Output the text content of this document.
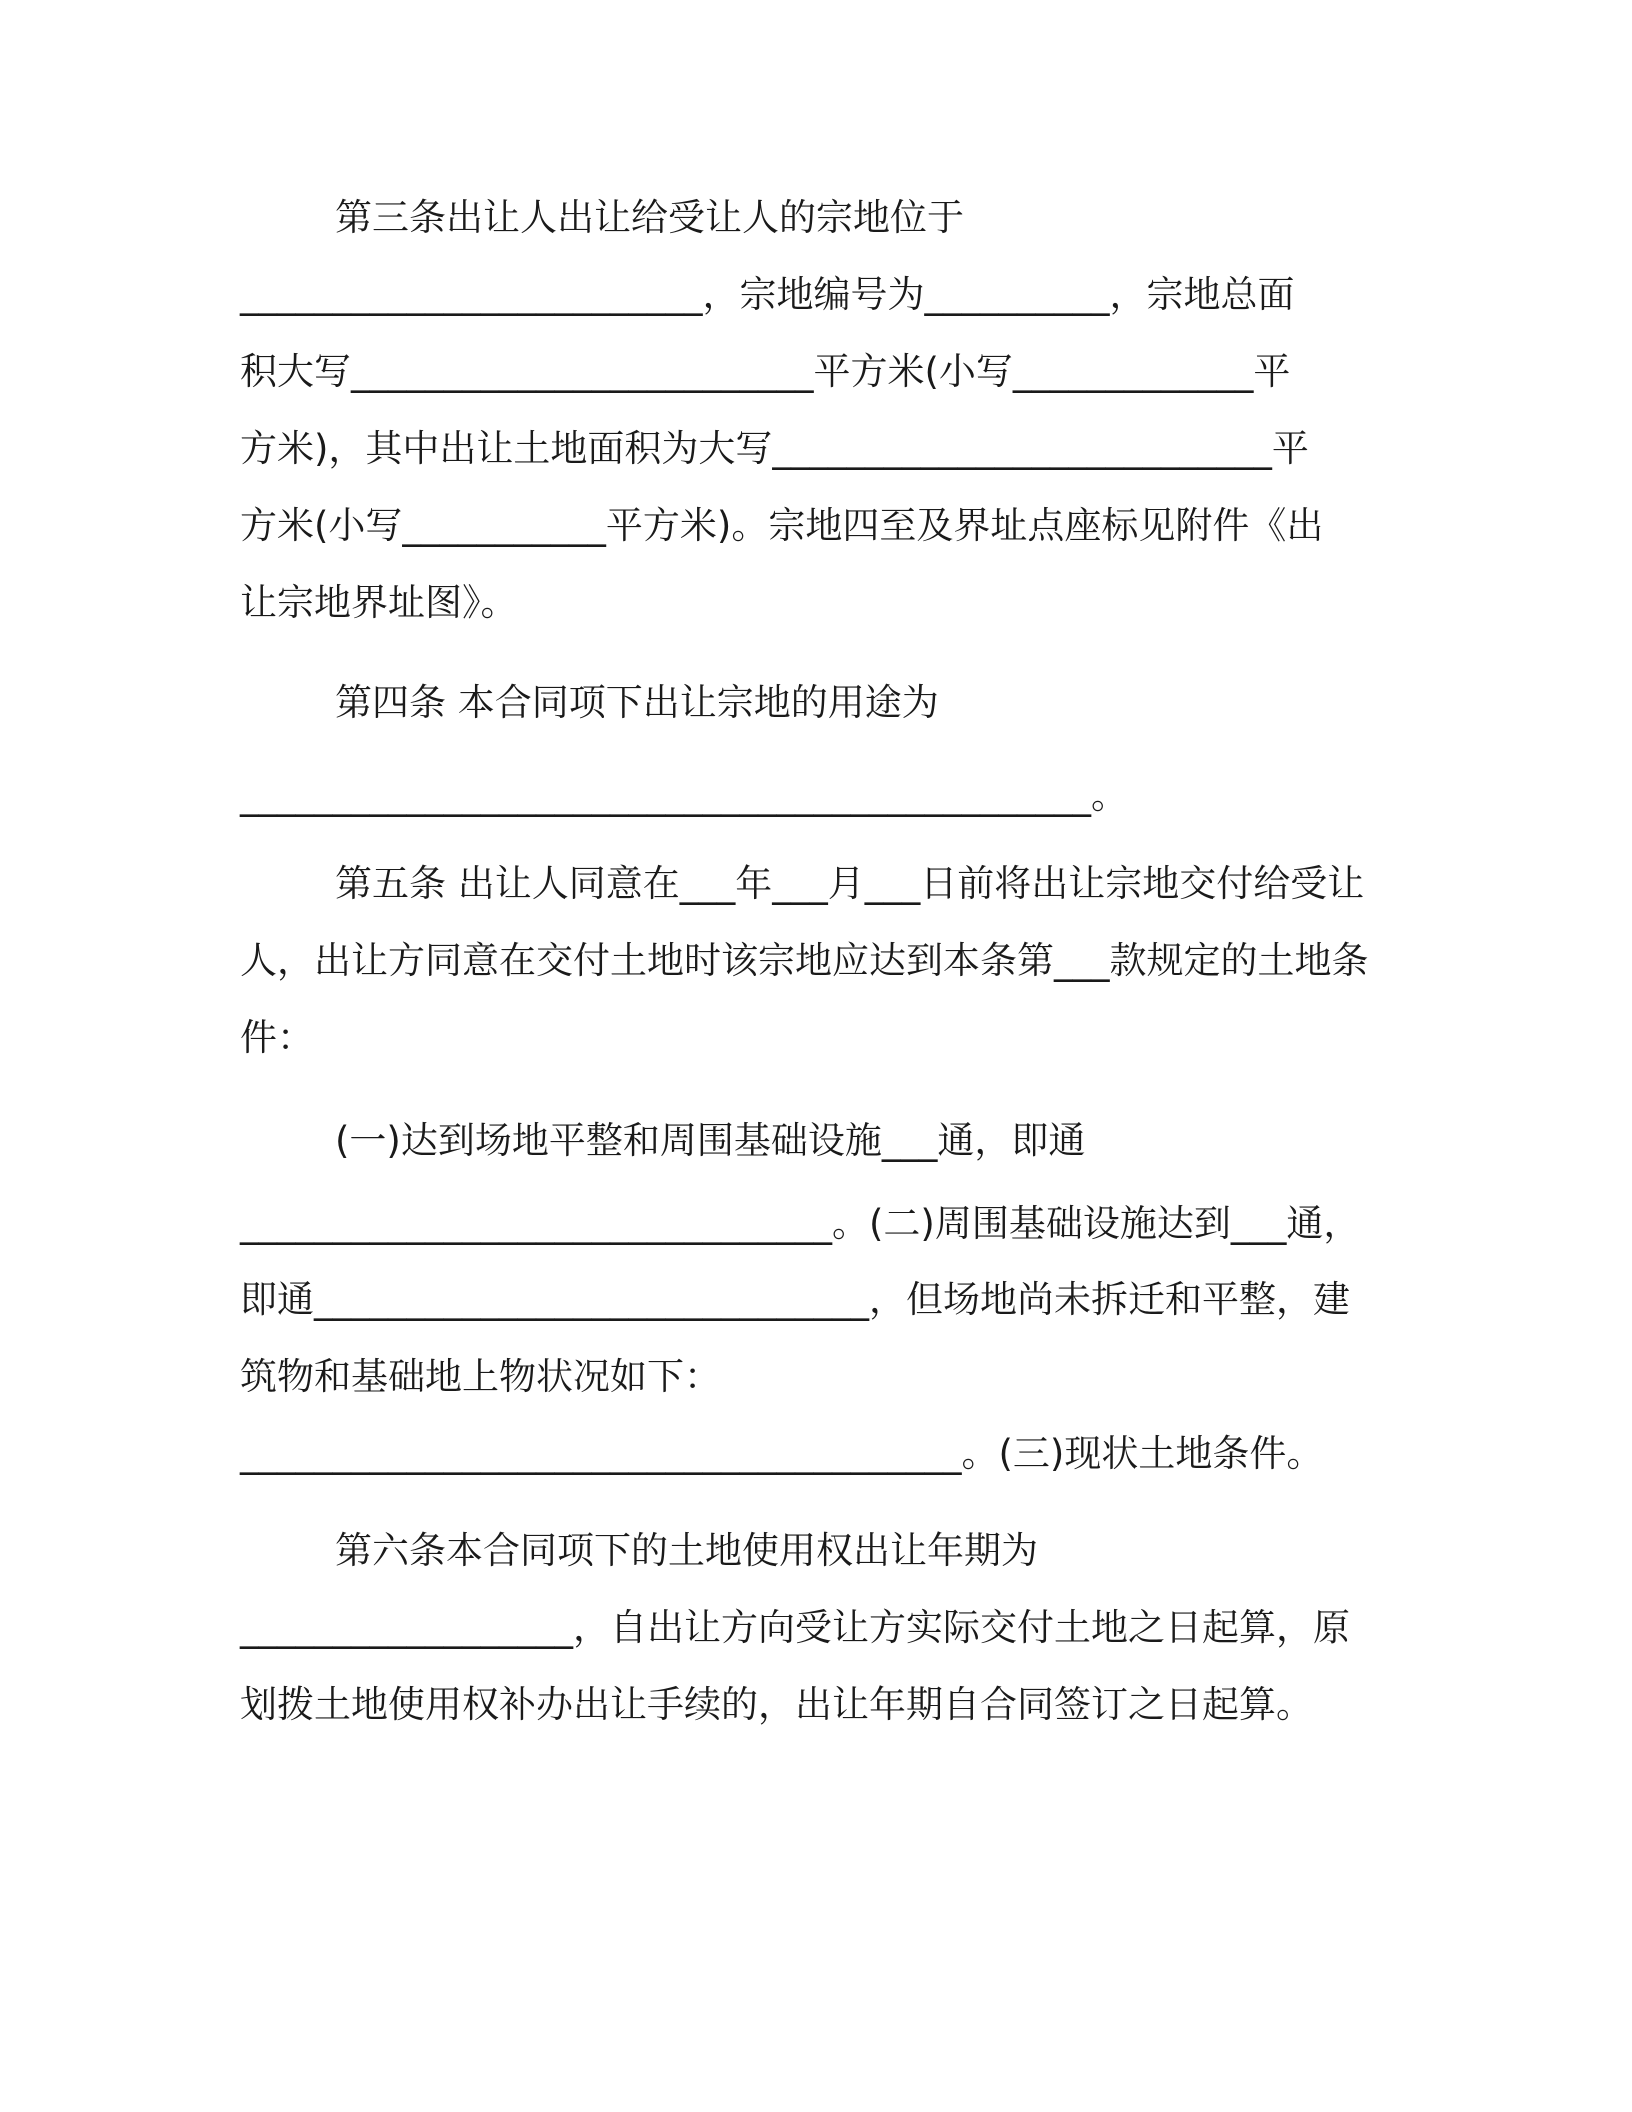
第三条出让人出让给受让人的宗地位于
_________________________，宗地编号为__________，宗地总面
积大写_________________________平方米(小写_____________平
方米)，其中出让土地面积为大写___________________________平
方米(小写___________平方米)。宗地四至及界址点座标见附件《出
让宗地界址图》。
第四条 本合同项下出让宗地的用途为
______________________________________________。
第五条 出让人同意在___年___月___日前将出让宗地交付给受让
人，出让方同意在交付土地时该宗地应达到本条第___款规定的土地条
件：
(一)达到场地平整和周围基础设施___通，即通
________________________________。(二)周围基础设施达到___通，
即通______________________________，但场地尚未拆迁和平整，建
筑物和基础地上物状况如下：
_______________________________________。(三)现状土地条件。
第六条本合同项下的土地使用权出让年期为
__________________，自出让方向受让方实际交付土地之日起算，原
划拨土地使用权补办出让手续的，出让年期自合同签订之日起算。
